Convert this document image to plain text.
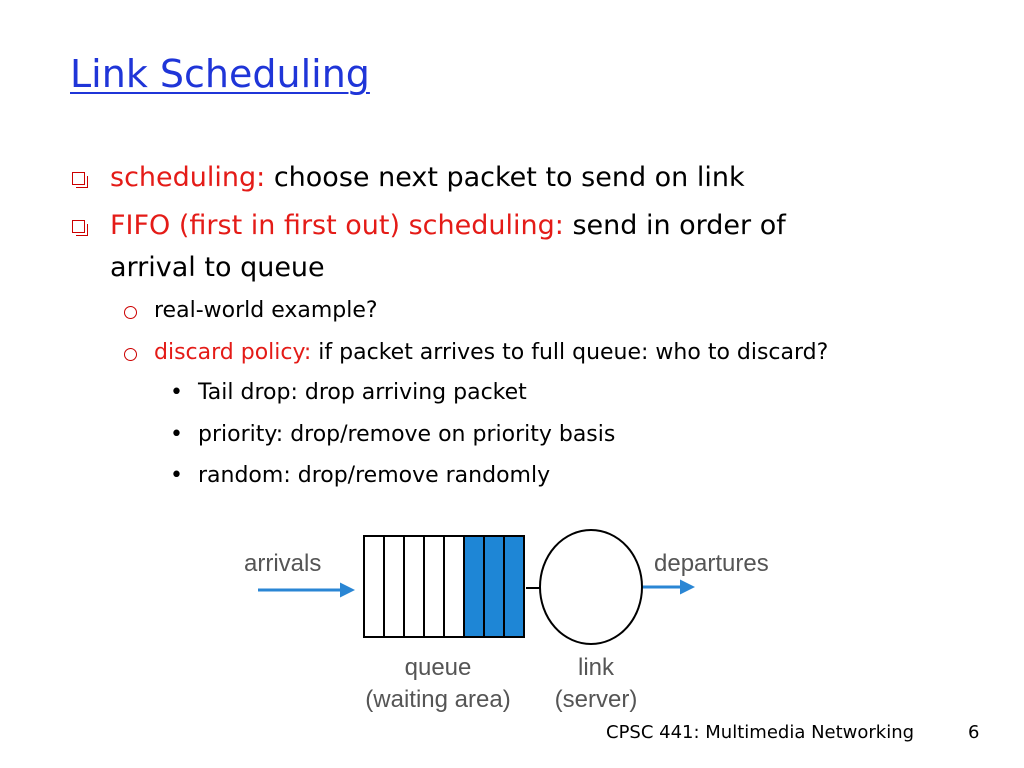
Link Scheduling
scheduling: choose next packet to send on link
FIFO (first in first out) scheduling: send in order of
arrival to queue
real-world example?
discard policy: if packet arrives to full queue: who to discard?
• Tail drop: drop arriving packet
• priority: drop/remove on priority basis
• random: drop/remove randomly
arrivals	departures
queue
(waiting area)
link
(server)
CPSC 441: Multimedia Networking	6
